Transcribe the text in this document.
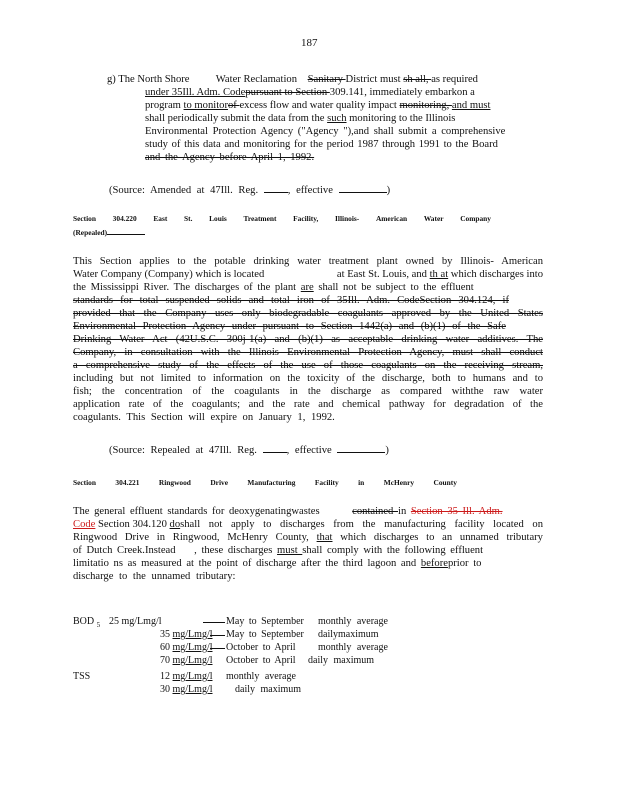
187
g) The North Shore Water Reclamation Sanitary District must sh all, as required
under 35Ill. Adm. Codepursuant to Section 309.141, immediately embarkon a
program to monitorof excess flow and water quality impact monitoring, and must
shall periodically submit the data from the such monitoring to the Illinois
Environmental Protection Agency ("Agency "),and shall submit a comprehensive
study of this data and monitoring for the period 1987 through 1991 to the Board
and the Agency before April 1, 1992.
(Source: Amended at 47Ill. Reg.	, effective	)
Section 304.220 East St. Louis Treatment Facility, Illinois- American Water Company
(Repealed)
This Section applies to the potable drinking water treatment plant owned by Illinois- American
Water Company (Company) which is located	at East St. Louis, and th at which discharges into
the Mississippi River. The discharges of the plant are shall not be subject to the effluent
standards for total suspended solids and total iron of 35Ill. Adm. CodeSection 304.124, if
provided that the Company uses only biodegradable coagulants approved by the United States
Environmental Protection Agency under pursuant to Section 1442(a) and (b)(1) of the Safe
Drinking Water Act (42U.S.C. 300j-1(a) and (b)(1) as acceptable drinking water additives. The
Company, in consultation with the Illinois Environmental Protection Agency, must shall conduct
a comprehensive study of the effects of the use of those coagulants on the receiving stream,
including but not limited to information on the toxicity of the discharge, both to humans and to
fish; the concentration of the coagulants in the discharge as compared withthe raw water
application rate of the coagulants; and the rate and chemical pathway for degradation of the
coagulants. This Section will expire on January 1, 1992.
(Source: Repealed at 47Ill. Reg.	, effective	)
Section	304.221	Ringwood	Drive	Manufacturing	Facility	in	McHenry	County
The general effluent standards for deoxygenatingwastes	contained in Section 35 Ill. Adm.
Code Section 304.120 do shall not apply to discharges from the manufacturing facility located on
Ringwood Drive in Ringwood, McHenry County, that which discharges to an unnamed tributary
of Dutch Creek.Instead , these discharges must shall comply with the following effluent
limitatio ns as measured at the point of discharge after the third lagoon and beforeprior to
discharge to the unnamed tributary:
BOD $_5$ 25 mg/Lmg/l	May to September monthly average
35 mg/Lmg/l May to September dailymaximum
60 mg/Lmg/l October to April monthly average
70 mg/Lmg/l October to April daily maximum
TSS	12 mg/Lmg/l monthly average
30 mg/Lmg/l daily maximum
